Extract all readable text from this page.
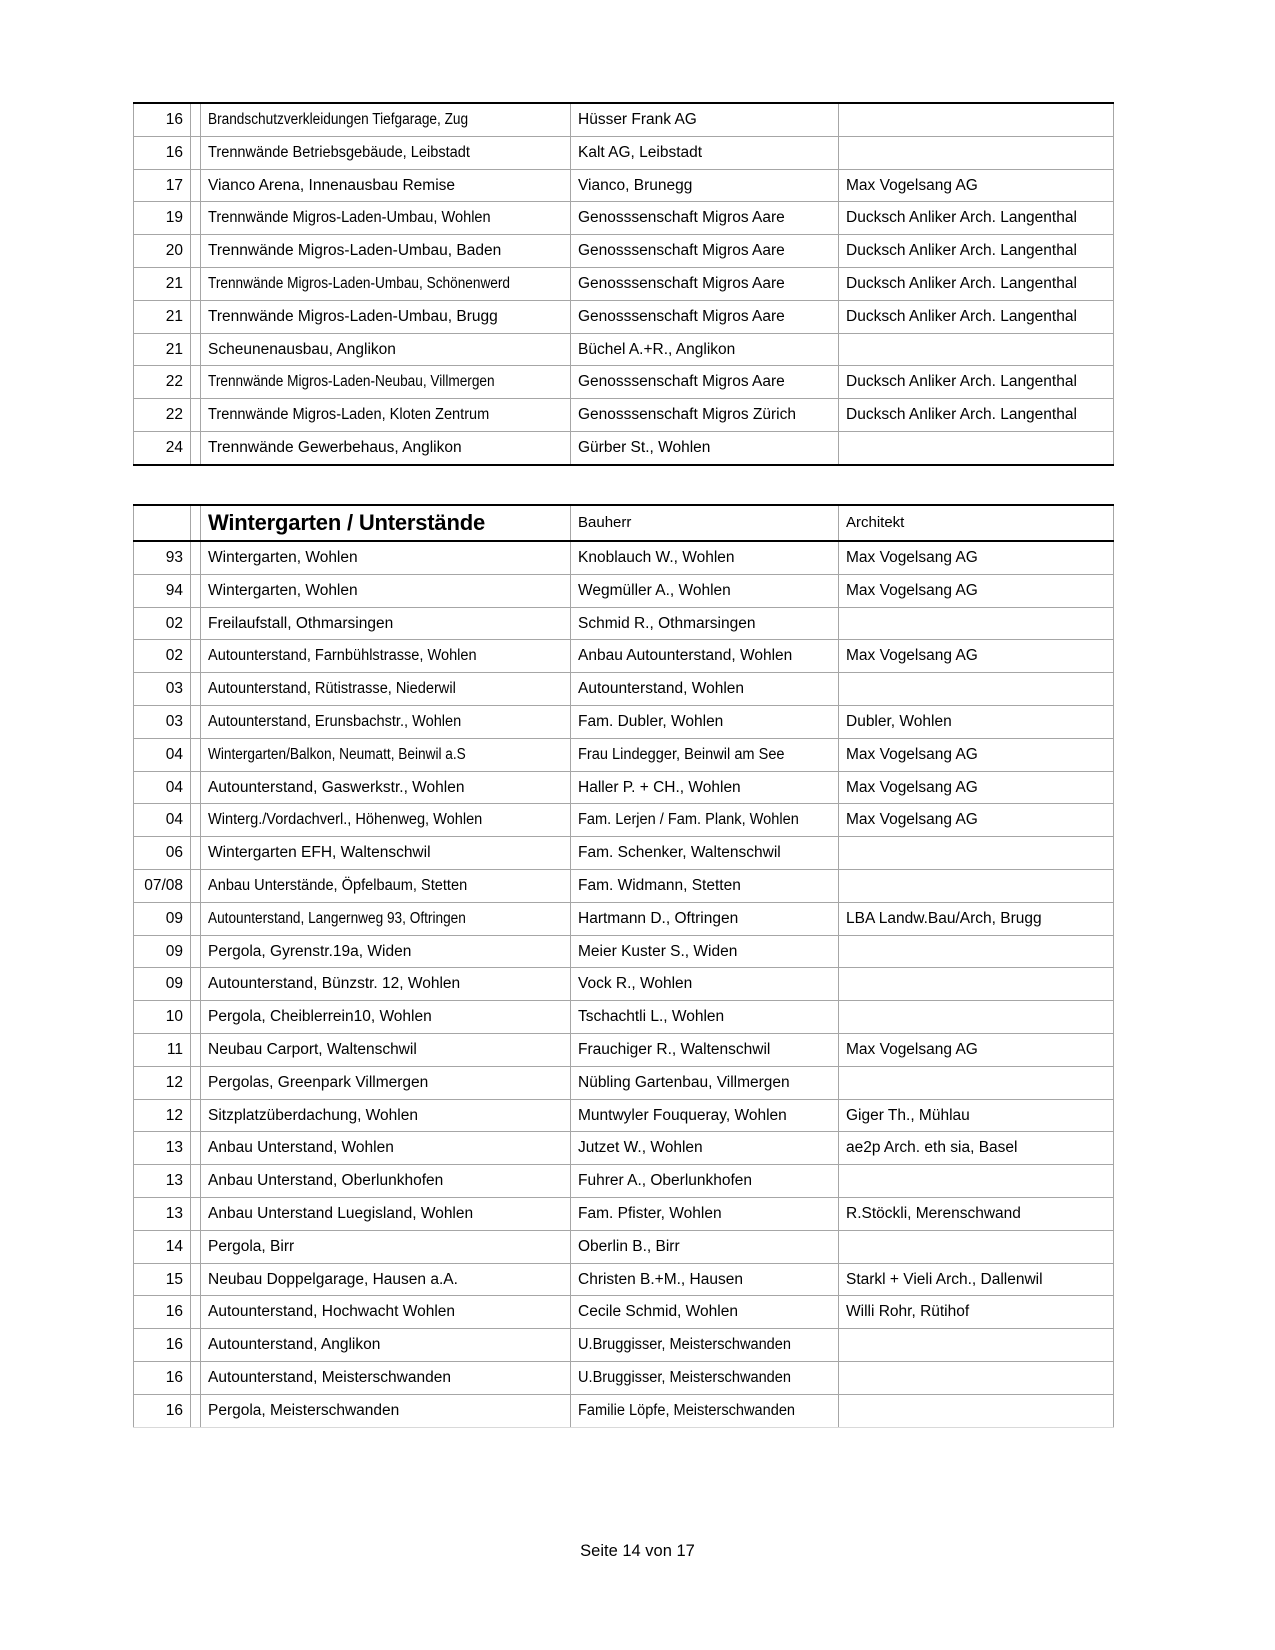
16		Brandschutzverkleidungen Tiefgarage, Zug	Hüsser Frank AG	
16		Trennwände Betriebsgebäude, Leibstadt	Kalt AG, Leibstadt	
17		Vianco Arena, Innenausbau Remise	Vianco, Brunegg	Max Vogelsang AG
19		Trennwände Migros-Laden-Umbau, Wohlen	Genosssenschaft Migros Aare	Ducksch Anliker Arch. Langenthal
20		Trennwände Migros-Laden-Umbau, Baden	Genosssenschaft Migros Aare	Ducksch Anliker Arch. Langenthal
21		Trennwände Migros-Laden-Umbau, Schönenwerd	Genosssenschaft Migros Aare	Ducksch Anliker Arch. Langenthal
21		Trennwände Migros-Laden-Umbau, Brugg	Genosssenschaft Migros Aare	Ducksch Anliker Arch. Langenthal
21		Scheunenausbau, Anglikon	Büchel A.+R., Anglikon	
22		Trennwände Migros-Laden-Neubau, Villmergen	Genosssenschaft Migros Aare	Ducksch Anliker Arch. Langenthal
22		Trennwände Migros-Laden, Kloten Zentrum	Genosssenschaft Migros Zürich	Ducksch Anliker Arch. Langenthal
24		Trennwände Gewerbehaus, Anglikon	Gürber St., Wohlen	
		Wintergarten / Unterstände	Bauherr	Architekt
93		Wintergarten, Wohlen	Knoblauch W., Wohlen	Max Vogelsang AG
94		Wintergarten, Wohlen	Wegmüller A., Wohlen	Max Vogelsang AG
02		Freilaufstall, Othmarsingen	Schmid R., Othmarsingen	
02		Autounterstand, Farnbühlstrasse, Wohlen	Anbau Autounterstand, Wohlen	Max Vogelsang AG
03		Autounterstand, Rütistrasse, Niederwil	Autounterstand, Wohlen	
03		Autounterstand, Erunsbachstr., Wohlen	Fam. Dubler, Wohlen	Dubler, Wohlen
04		Wintergarten/Balkon, Neumatt, Beinwil a.S	Frau Lindegger, Beinwil am See	Max Vogelsang AG
04		Autounterstand, Gaswerkstr., Wohlen	Haller P. + CH., Wohlen	Max Vogelsang AG
04		Winterg./Vordachverl., Höhenweg, Wohlen	Fam. Lerjen / Fam. Plank, Wohlen	Max Vogelsang AG
06		Wintergarten EFH, Waltenschwil	Fam. Schenker, Waltenschwil	
07/08		Anbau Unterstände, Öpfelbaum, Stetten	Fam. Widmann, Stetten	
09		Autounterstand, Langernweg 93, Oftringen	Hartmann D., Oftringen	LBA Landw.Bau/Arch, Brugg
09		Pergola, Gyrenstr.19a, Widen	Meier Kuster S., Widen	
09		Autounterstand, Bünzstr. 12, Wohlen	Vock R., Wohlen	
10		Pergola, Cheiblerrein10, Wohlen	Tschachtli L., Wohlen	
11		Neubau Carport, Waltenschwil	Frauchiger R., Waltenschwil	Max Vogelsang AG
12		Pergolas, Greenpark Villmergen	Nübling Gartenbau, Villmergen	
12		Sitzplatzüberdachung, Wohlen	Muntwyler Fouqueray, Wohlen	Giger Th., Mühlau
13		Anbau Unterstand, Wohlen	Jutzet W., Wohlen	ae2p Arch. eth sia, Basel
13		Anbau Unterstand, Oberlunkhofen	Fuhrer A., Oberlunkhofen	
13		Anbau Unterstand Luegisland, Wohlen	Fam. Pfister, Wohlen	R.Stöckli, Merenschwand
14		Pergola, Birr	Oberlin B., Birr	
15		Neubau Doppelgarage, Hausen a.A.	Christen B.+M., Hausen	Starkl + Vieli Arch., Dallenwil
16		Autounterstand, Hochwacht Wohlen	Cecile Schmid, Wohlen	Willi Rohr, Rütihof
16		Autounterstand, Anglikon	U.Bruggisser, Meisterschwanden	
16		Autounterstand, Meisterschwanden	U.Bruggisser, Meisterschwanden	
16		Pergola, Meisterschwanden	Familie Löpfe, Meisterschwanden	
Seite 14 von 17
